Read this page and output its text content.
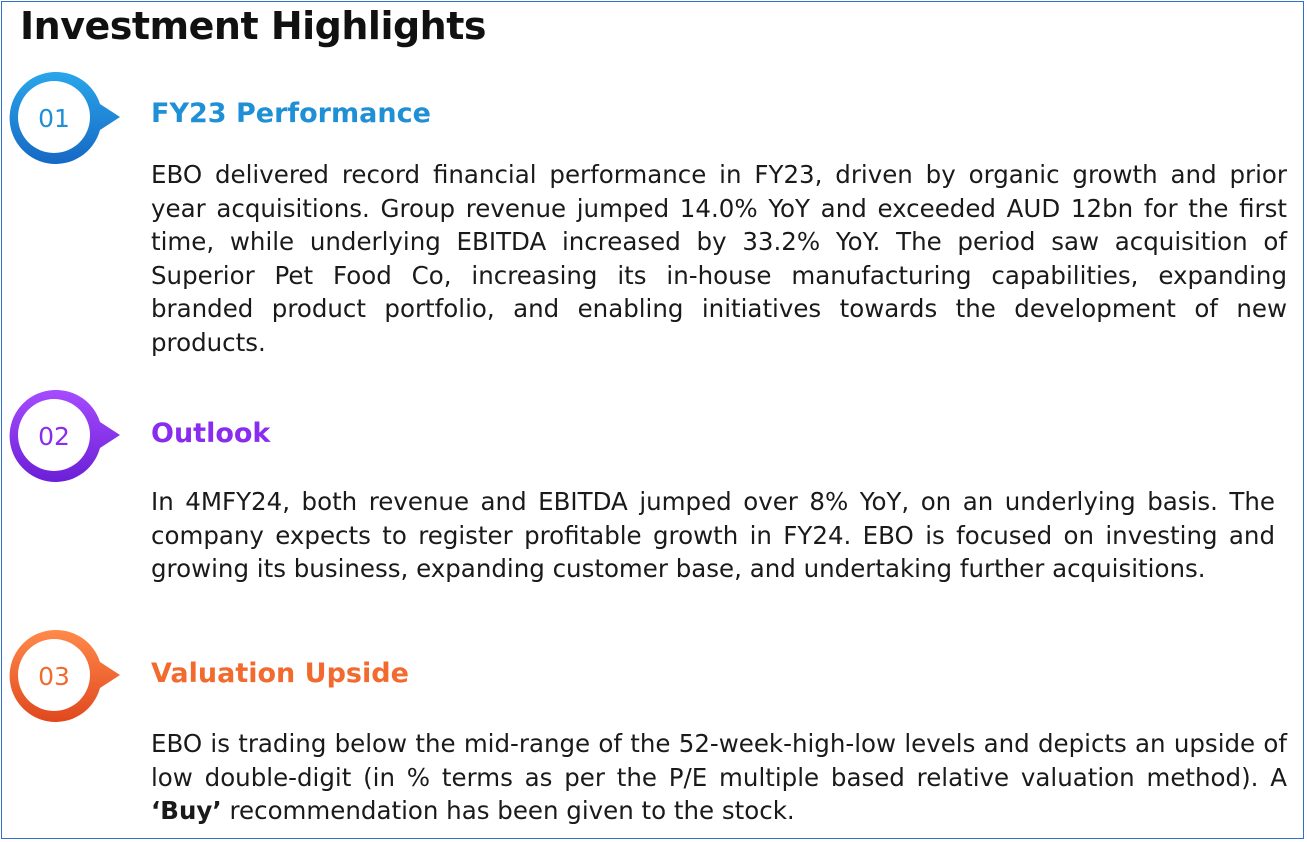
Investment Highlights
01	FY23 Performance

EBO delivered record financial performance in FY23, driven by organic growth and prior year acquisitions. Group revenue jumped 14.0% YoY and exceeded AUD 12bn for the first time, while underlying EBITDA increased by 33.2% YoY. The period saw acquisition of Superior Pet Food Co, increasing its in-house manufacturing capabilities, expanding branded product portfolio, and enabling initiatives towards the development of new products.

02	Outlook

In 4MFY24, both revenue and EBITDA jumped over 8% YoY, on an underlying basis. The company expects to register profitable growth in FY24. EBO is focused on investing and growing its business, expanding customer base, and undertaking further acquisitions.

03	Valuation Upside

EBO is trading below the mid-range of the 52-week-high-low levels and depicts an upside of low double-digit (in % terms as per the P/E multiple based relative valuation method). A ‘Buy’ recommendation has been given to the stock.
